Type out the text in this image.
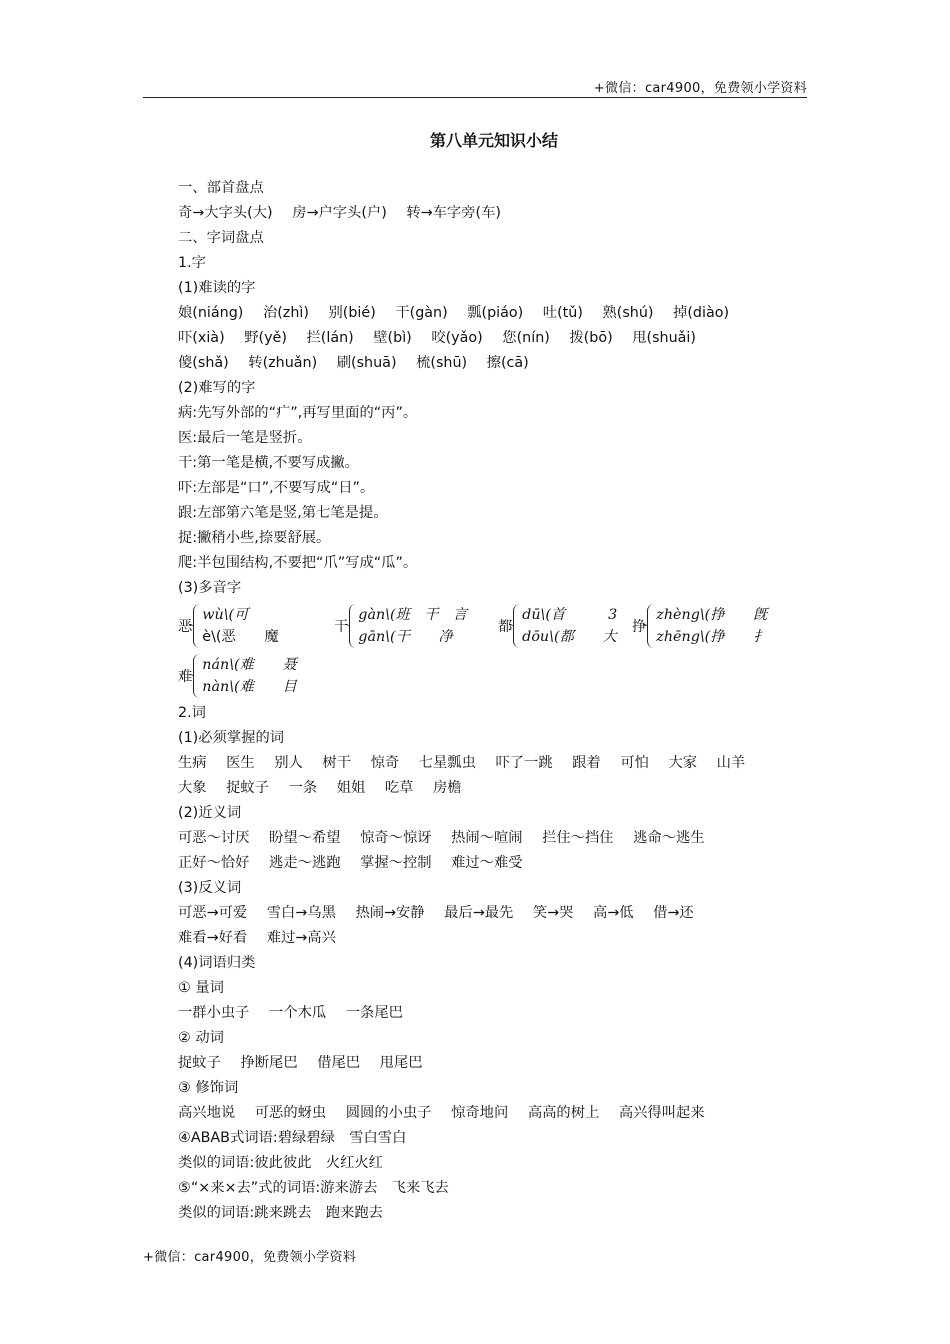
+微信：car4900，免费领小学资料
第八单元知识小结
一、部首盘点
奇→大字头(大) 房→户字头(户) 转→车字旁(车)
二、字词盘点
1.字
(1)难读的字
娘(niáng) 治(zhì) 别(bié) 干(gàn) 瓢(piáo) 吐(tǔ) 熟(shú) 掉(diào)
吓(xià) 野(yě) 拦(lán) 壁(bì) 咬(yǎo) 您(nín) 拨(bō) 甩(shuǎi)
傻(shǎ) 转(zhuǎn) 刷(shuā) 梳(shū) 擦(cā)
(2)难写的字
病:先写外部的“疒”,再写里面的“丙”。
医:最后一笔是竖折。
干:第一笔是横,不要写成撇。
吓:左部是“口”,不要写成“日”。
跟:左部第六笔是竖,第七笔是提。
捉:撇稍小些,捺要舒展。
爬:半包围结构,不要把“爪”写成“瓜”。
(3)多音字
恶
wù\(可
è\(恶　　魔
干
gàn\(班　干　言
gān\(干　　净
都
dū\(首　　　3
dōu\(都　　大
挣
zhèng\(挣　　旣
zhēng\(挣　　扌
难
nán\(难　　聂
nàn\(难　　目
2.词
(1)必须掌握的词
生病 医生 别人 树干 惊奇 七星瓢虫 吓了一跳 跟着 可怕 大家 山羊
大象 捉蚊子 一条 姐姐 吃草 房檐
(2)近义词
可恶～讨厌 盼望～希望 惊奇～惊讶 热闹～喧闹 拦住～挡住 逃命～逃生
正好～恰好 逃走～逃跑 掌握～控制 难过～难受
(3)反义词
可恶→可爱 雪白→乌黑 热闹→安静 最后→最先 笑→哭 高→低 借→还
难看→好看 难过→高兴
(4)词语归类
① 量词
一群小虫子 一个木瓜 一条尾巴
② 动词
捉蚊子 挣断尾巴 借尾巴 甩尾巴
③ 修饰词
高兴地说 可恶的蚜虫 圆圆的小虫子 惊奇地问 高高的树上 高兴得叫起来
④ABAB式词语:碧绿碧绿　雪白雪白
类似的词语:彼此彼此　火红火红
⑤“×来×去”式的词语:游来游去　飞来飞去
类似的词语:跳来跳去　跑来跑去
+微信：car4900，免费领小学资料
